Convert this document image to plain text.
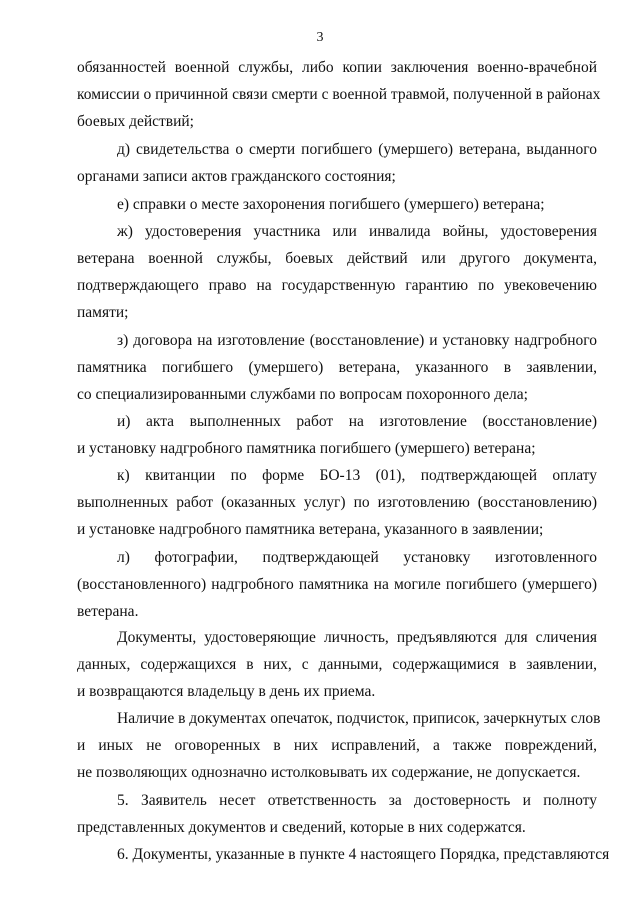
3
обязанностей военной службы, либо копии заключения военно-врачебной
комиссии о причинной связи смерти с военной травмой, полученной в районах
боевых действий;
д) свидетельства о смерти погибшего (умершего) ветерана, выданного
органами записи актов гражданского состояния;
е) справки о месте захоронения погибшего (умершего) ветерана;
ж) удостоверения участника или инвалида войны, удостоверения
ветерана военной службы, боевых действий или другого документа,
подтверждающего право на государственную гарантию по увековечению
памяти;
з) договора на изготовление (восстановление) и установку надгробного
памятника погибшего (умершего) ветерана, указанного в заявлении,
со специализированными службами по вопросам похоронного дела;
и) акта выполненных работ на изготовление (восстановление)
и установку надгробного памятника погибшего (умершего) ветерана;
к) квитанции по форме БО-13 (01), подтверждающей оплату
выполненных работ (оказанных услуг) по изготовлению (восстановлению)
и установке надгробного памятника ветерана, указанного в заявлении;
л) фотографии, подтверждающей установку изготовленного
(восстановленного) надгробного памятника на могиле погибшего (умершего)
ветерана.
Документы, удостоверяющие личность, предъявляются для сличения
данных, содержащихся в них, с данными, содержащимися в заявлении,
и возвращаются владельцу в день их приема.
Наличие в документах опечаток, подчисток, приписок, зачеркнутых слов
и иных не оговоренных в них исправлений, а также повреждений,
не позволяющих однозначно истолковывать их содержание, не допускается.
5. Заявитель несет ответственность за достоверность и полноту
представленных документов и сведений, которые в них содержатся.
6. Документы, указанные в пункте 4 настоящего Порядка, представляются
